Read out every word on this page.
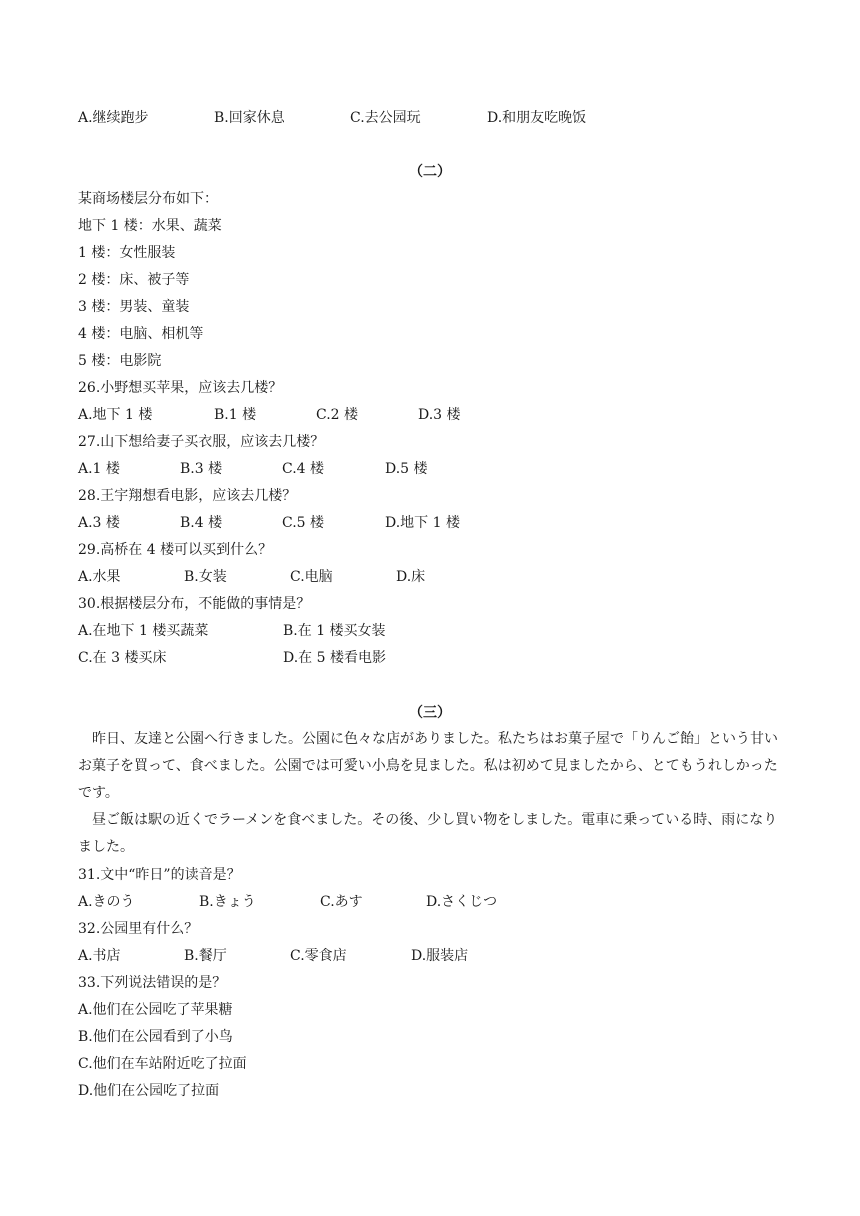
A.继续跑步	B.回家休息	C.去公园玩	D.和朋友吃晚饭
（二）
某商场楼层分布如下：
地下 1 楼：水果、蔬菜
1 楼：女性服装
2 楼：床、被子等
3 楼：男装、童装
4 楼：电脑、相机等
5 楼：电影院
26.小野想买苹果，应该去几楼？
A.地下 1 楼	B.1 楼	C.2 楼	D.3 楼
27.山下想给妻子买衣服，应该去几楼？
A.1 楼	B.3 楼	C.4 楼	D.5 楼
28.王宇翔想看电影，应该去几楼？
A.3 楼	B.4 楼	C.5 楼	D.地下 1 楼
29.高桥在 4 楼可以买到什么？
A.水果	B.女装	C.电脑	D.床
30.根据楼层分布，不能做的事情是？
A.在地下 1 楼买蔬菜	B.在 1 楼买女装
C.在 3 楼买床	D.在 5 楼看电影
（三）
昨日、友達と公園へ行きました。公園に色々な店がありました。私たちはお菓子屋で「りんご飴」という甘いお菓子を買って、食べました。公園では可愛い小鳥を見ました。私は初めて見ましたから、とてもうれしかったです。
昼ご飯は駅の近くでラーメンを食べました。その後、少し買い物をしました。電車に乗っている時、雨になりました。
31.文中“昨日”的读音是？
A.きのう	B.きょう	C.あす	D.さくじつ
32.公园里有什么？
A.书店	B.餐厅	C.零食店	D.服装店
33.下列说法错误的是？
A.他们在公园吃了苹果糖
B.他们在公园看到了小鸟
C.他们在车站附近吃了拉面
D.他们在公园吃了拉面
